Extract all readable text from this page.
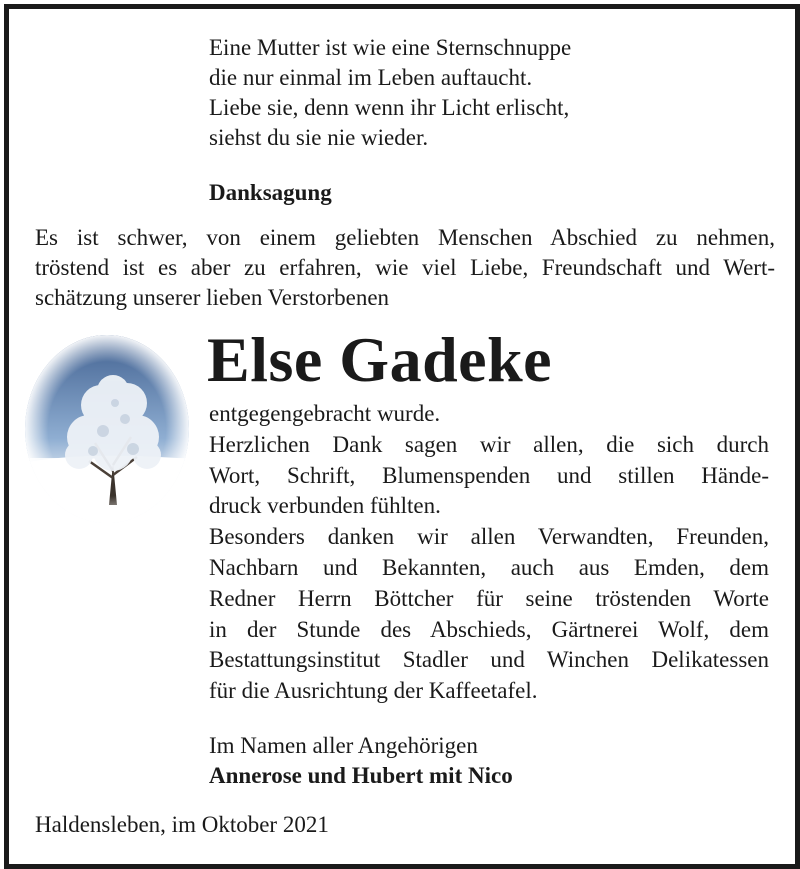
Eine Mutter ist wie eine Sternschnuppe
die nur einmal im Leben auftaucht.
Liebe sie, denn wenn ihr Licht erlischt,
siehst du sie nie wieder.
Danksagung
Es ist schwer, von einem geliebten Menschen Abschied zu nehmen,
tröstend ist es aber zu erfahren, wie viel Liebe, Freundschaft und Wert-
schätzung unserer lieben Verstorbenen
Else Gadeke
entgegengebracht wurde.
Herzlichen Dank sagen wir allen, die sich durch
Wort, Schrift, Blumenspenden und stillen Hände-
druck verbunden fühlten.
Besonders danken wir allen Verwandten, Freunden,
Nachbarn und Bekannten, auch aus Emden, dem
Redner Herrn Böttcher für seine tröstenden Worte
in der Stunde des Abschieds, Gärtnerei Wolf, dem
Bestattungsinstitut Stadler und Winchen Delikatessen
für die Ausrichtung der Kaffeetafel.
Im Namen aller Angehörigen
Annerose und Hubert mit Nico
Haldensleben, im Oktober 2021
